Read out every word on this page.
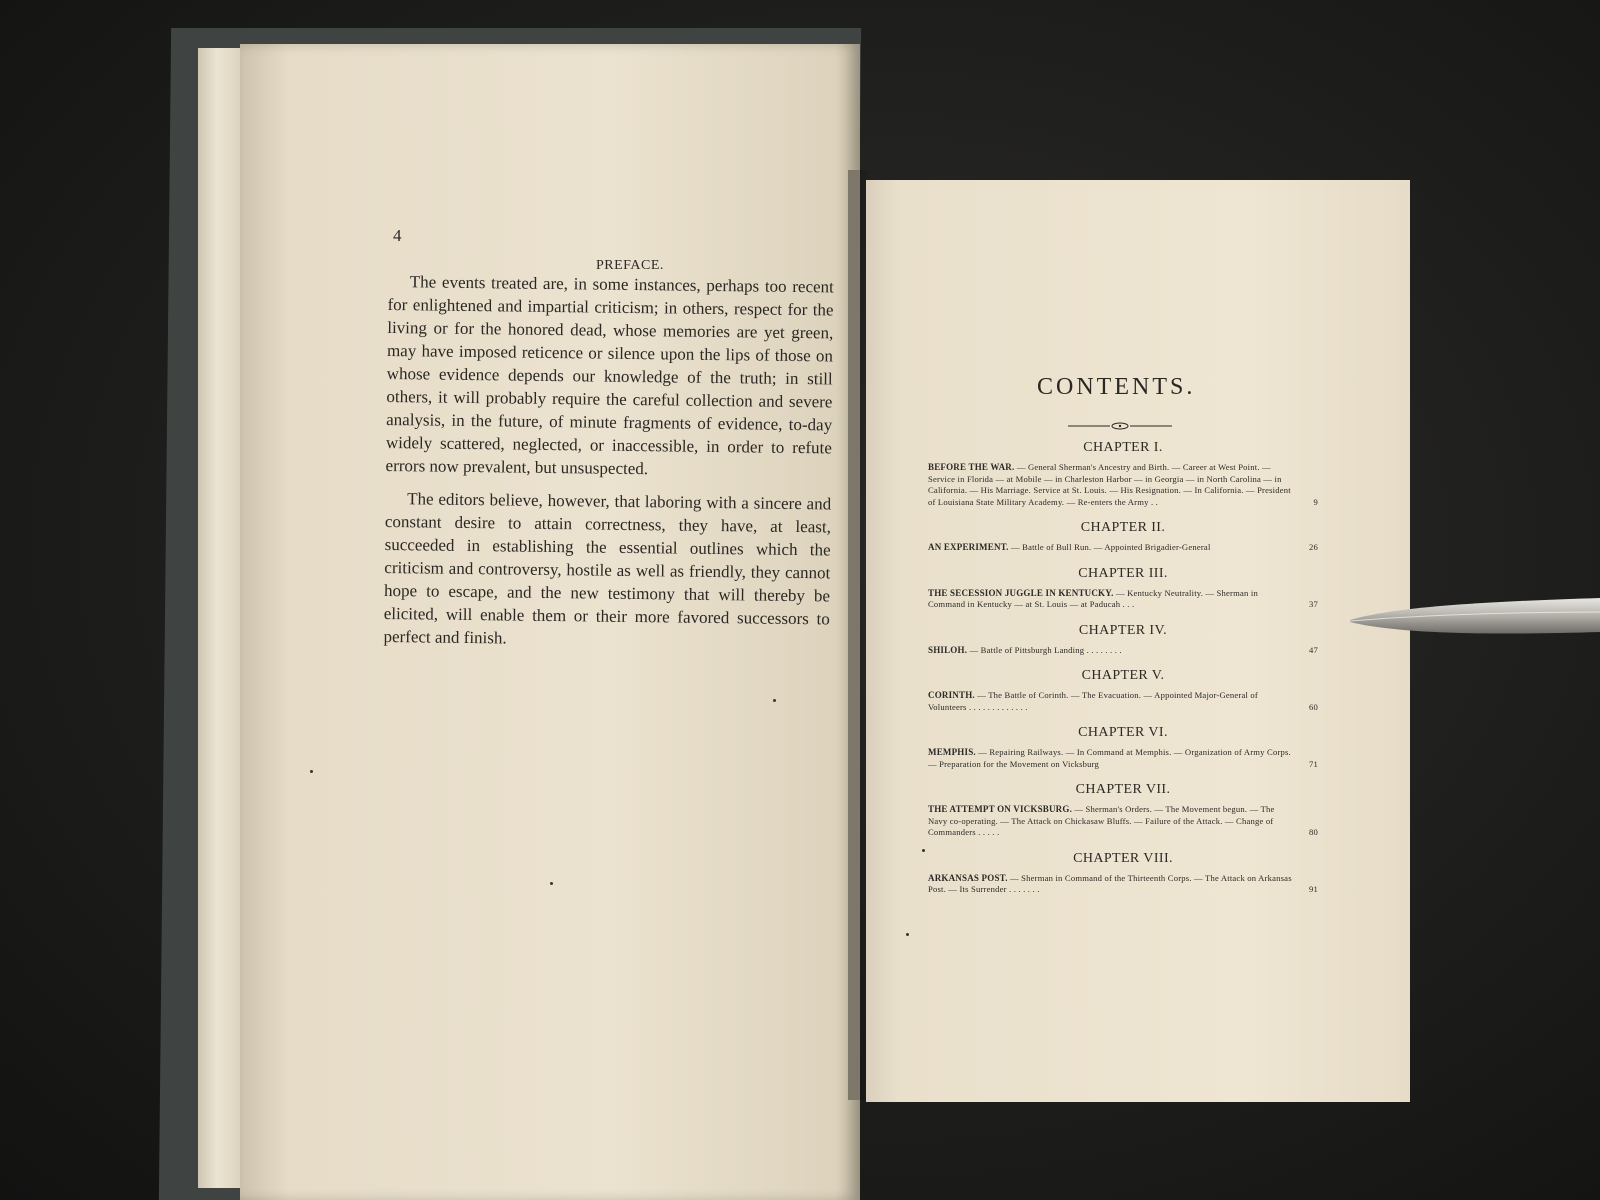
4
PREFACE.

The events treated are, in some instances, perhaps too recent for enlightened and impartial criticism; in others, respect for the living or for the honored dead, whose memories are yet green, may have imposed reticence or silence upon the lips of those on whose evidence depends our knowledge of the truth; in still others, it will probably require the careful collection and severe analysis, in the future, of minute fragments of evidence, to-day widely scattered, neglected, or inaccessible, in order to refute errors now prevalent, but unsuspected.

The editors believe, however, that laboring with a sincere and constant desire to attain correctness, they have, at least, succeeded in establishing the essential outlines which the criticism and controversy, hostile as well as friendly, they cannot hope to escape, and the new testimony that will thereby be elicited, will enable them or their more favored successors to perfect and finish.

CONTENTS.
CHAPTER I.
BEFORE THE WAR. — General Sherman's Ancestry and Birth. — Career at West Point. — Service in Florida — at Mobile — in Charleston Harbor — in Georgia — in North Carolina — in California. — His Marriage. Service at St. Louis. — His Resignation. — In California. — President of Louisiana State Military Academy. — Re-enters the Army . .	9
CHAPTER II.
AN EXPERIMENT. — Battle of Bull Run. — Appointed Brigadier-General	26
CHAPTER III.
THE SECESSION JUGGLE IN KENTUCKY. — Kentucky Neutrality. — Sherman in Command in Kentucky — at St. Louis — at Paducah . . .	37
CHAPTER IV.
SHILOH. — Battle of Pittsburgh Landing . . . . . . . .	47
CHAPTER V.
CORINTH. — The Battle of Corinth. — The Evacuation. — Appointed Major-General of Volunteers . . . . . . . . . . . . .	60
CHAPTER VI.
MEMPHIS. — Repairing Railways. — In Command at Memphis. — Organization of Army Corps. — Preparation for the Movement on Vicksburg	71
CHAPTER VII.
THE ATTEMPT ON VICKSBURG. — Sherman's Orders. — The Movement begun. — The Navy co-operating. — The Attack on Chickasaw Bluffs. — Failure of the Attack. — Change of Commanders . . . . .	80
CHAPTER VIII.
ARKANSAS POST. — Sherman in Command of the Thirteenth Corps. — The Attack on Arkansas Post. — Its Surrender . . . . . . .	91
